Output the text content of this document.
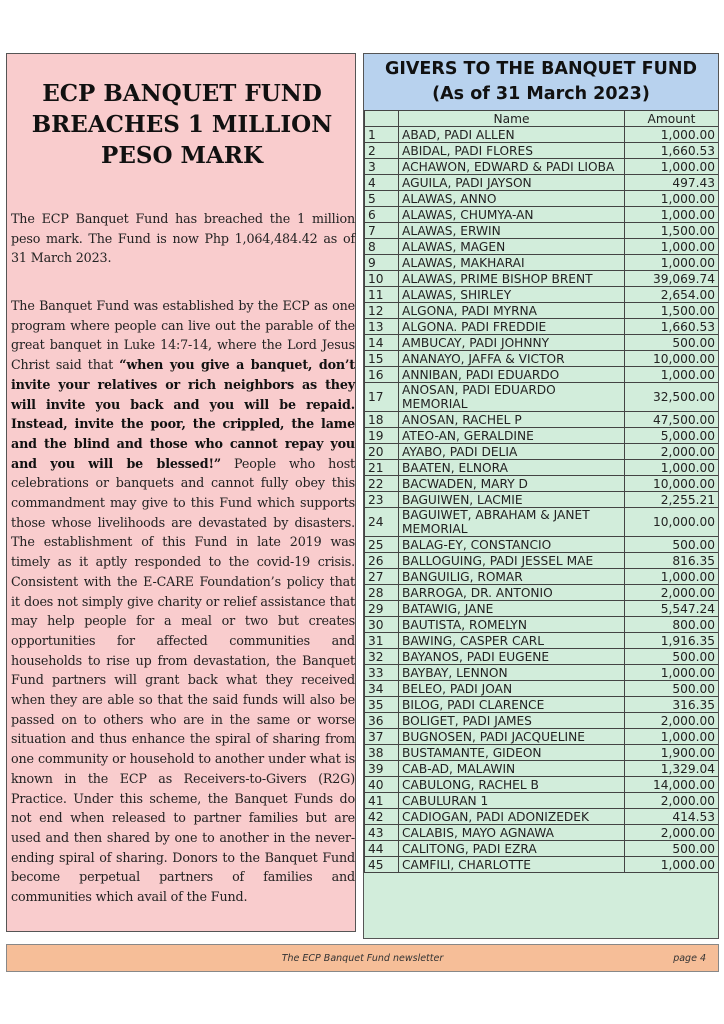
ECP BANQUET FUND
BREACHES 1 MILLION
PESO MARK
The ECP Banquet Fund has breached the 1 million peso mark. The Fund is now Php 1,064,484.42 as of 31 March 2023.
The Banquet Fund was established by the ECP as one program where people can live out the parable of the great banquet in Luke 14:7-14, where the Lord Jesus Christ said that “when you give a banquet, don’t invite your relatives or rich neighbors as they will invite you back and you will be repaid. Instead, invite the poor, the crippled, the lame and the blind and those who cannot repay you and you will be blessed!” People who host celebrations or banquets and cannot fully obey this commandment may give to this Fund which supports those whose livelihoods are devastated by disasters. The establishment of this Fund in late 2019 was timely as it aptly responded to the covid-19 crisis. Consistent with the E-CARE Foundation’s policy that it does not simply give charity or relief assistance that may help people for a meal or two but creates opportunities for affected communities and households to rise up from devastation, the Banquet Fund partners will grant back what they received when they are able so that the said funds will also be passed on to others who are in the same or worse situation and thus enhance the spiral of sharing from one community or household to another under what is known in the ECP as Receivers-to-Givers (R2G) Practice. Under this scheme, the Banquet Funds do not end when released to partner families but are used and then shared by one to another in the never-ending spiral of sharing. Donors to the Banquet Fund become perpetual partners of families and communities which avail of the Fund.
GIVERS TO THE BANQUET FUND
(As of 31 March 2023)
	Name	Amount
1	ABAD, PADI ALLEN	1,000.00
2	ABIDAL, PADI FLORES	1,660.53
3	ACHAWON, EDWARD & PADI LIOBA	1,000.00
4	AGUILA, PADI JAYSON	497.43
5	ALAWAS, ANNO	1,000.00
6	ALAWAS, CHUMYA-AN	1,000.00
7	ALAWAS, ERWIN	1,500.00
8	ALAWAS, MAGEN	1,000.00
9	ALAWAS, MAKHARAI	1,000.00
10	ALAWAS, PRIME BISHOP BRENT	39,069.74
11	ALAWAS, SHIRLEY	2,654.00
12	ALGONA, PADI MYRNA	1,500.00
13	ALGONA. PADI FREDDIE	1,660.53
14	AMBUCAY, PADI JOHNNY	500.00
15	ANANAYO, JAFFA & VICTOR	10,000.00
16	ANNIBAN, PADI EDUARDO	1,000.00
17	ANOSAN, PADI EDUARDO MEMORIAL	32,500.00
18	ANOSAN, RACHEL P	47,500.00
19	ATEO-AN, GERALDINE	5,000.00
20	AYABO, PADI DELIA	2,000.00
21	BAATEN, ELNORA	1,000.00
22	BACWADEN, MARY D	10,000.00
23	BAGUIWEN, LACMIE	2,255.21
24	BAGUIWET, ABRAHAM & JANET MEMORIAL	10,000.00
25	BALAG-EY, CONSTANCIO	500.00
26	BALLOGUING, PADI JESSEL MAE	816.35
27	BANGUILIG, ROMAR	1,000.00
28	BARROGA, DR. ANTONIO	2,000.00
29	BATAWIG, JANE	5,547.24
30	BAUTISTA, ROMELYN	800.00
31	BAWING, CASPER CARL	1,916.35
32	BAYANOS, PADI EUGENE	500.00
33	BAYBAY, LENNON	1,000.00
34	BELEO, PADI JOAN	500.00
35	BILOG, PADI CLARENCE	316.35
36	BOLIGET, PADI JAMES	2,000.00
37	BUGNOSEN, PADI JACQUELINE	1,000.00
38	BUSTAMANTE, GIDEON	1,900.00
39	CAB-AD, MALAWIN	1,329.04
40	CABULONG, RACHEL B	14,000.00
41	CABULURAN 1	2,000.00
42	CADIOGAN, PADI ADONIZEDEK	414.53
43	CALABIS, MAYO AGNAWA	2,000.00
44	CALITONG, PADI EZRA	500.00
45	CAMFILI, CHARLOTTE	1,000.00
The ECP Banquet Fund newsletter	page 4
